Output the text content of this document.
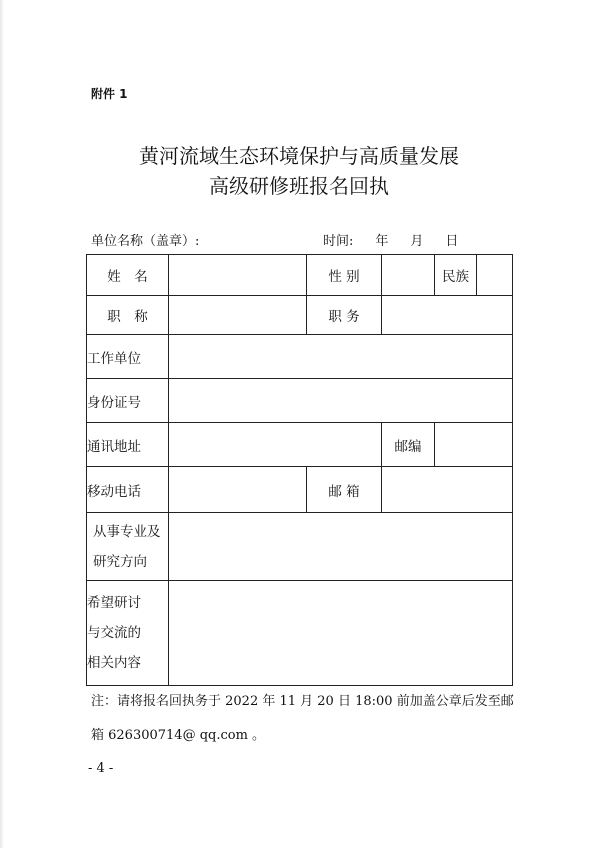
附件 1
黄河流域生态环境保护与高质量发展
高级研修班报名回执
单位名称（盖章）:	时间: 年 月 日
姓　名		性 别		民族	
职　称		职 务			
工作单位					
身份证号					
通讯地址			邮编		
移动电话		邮 箱			

从事专业及
研究方向					

希望研讨
与交流的
相关内容					

注：请将报名回执务于 2022 年 11 月 20 日 18:00 前加盖公章后发至邮
箱 626300714@ qq.com 。
- 4 -
